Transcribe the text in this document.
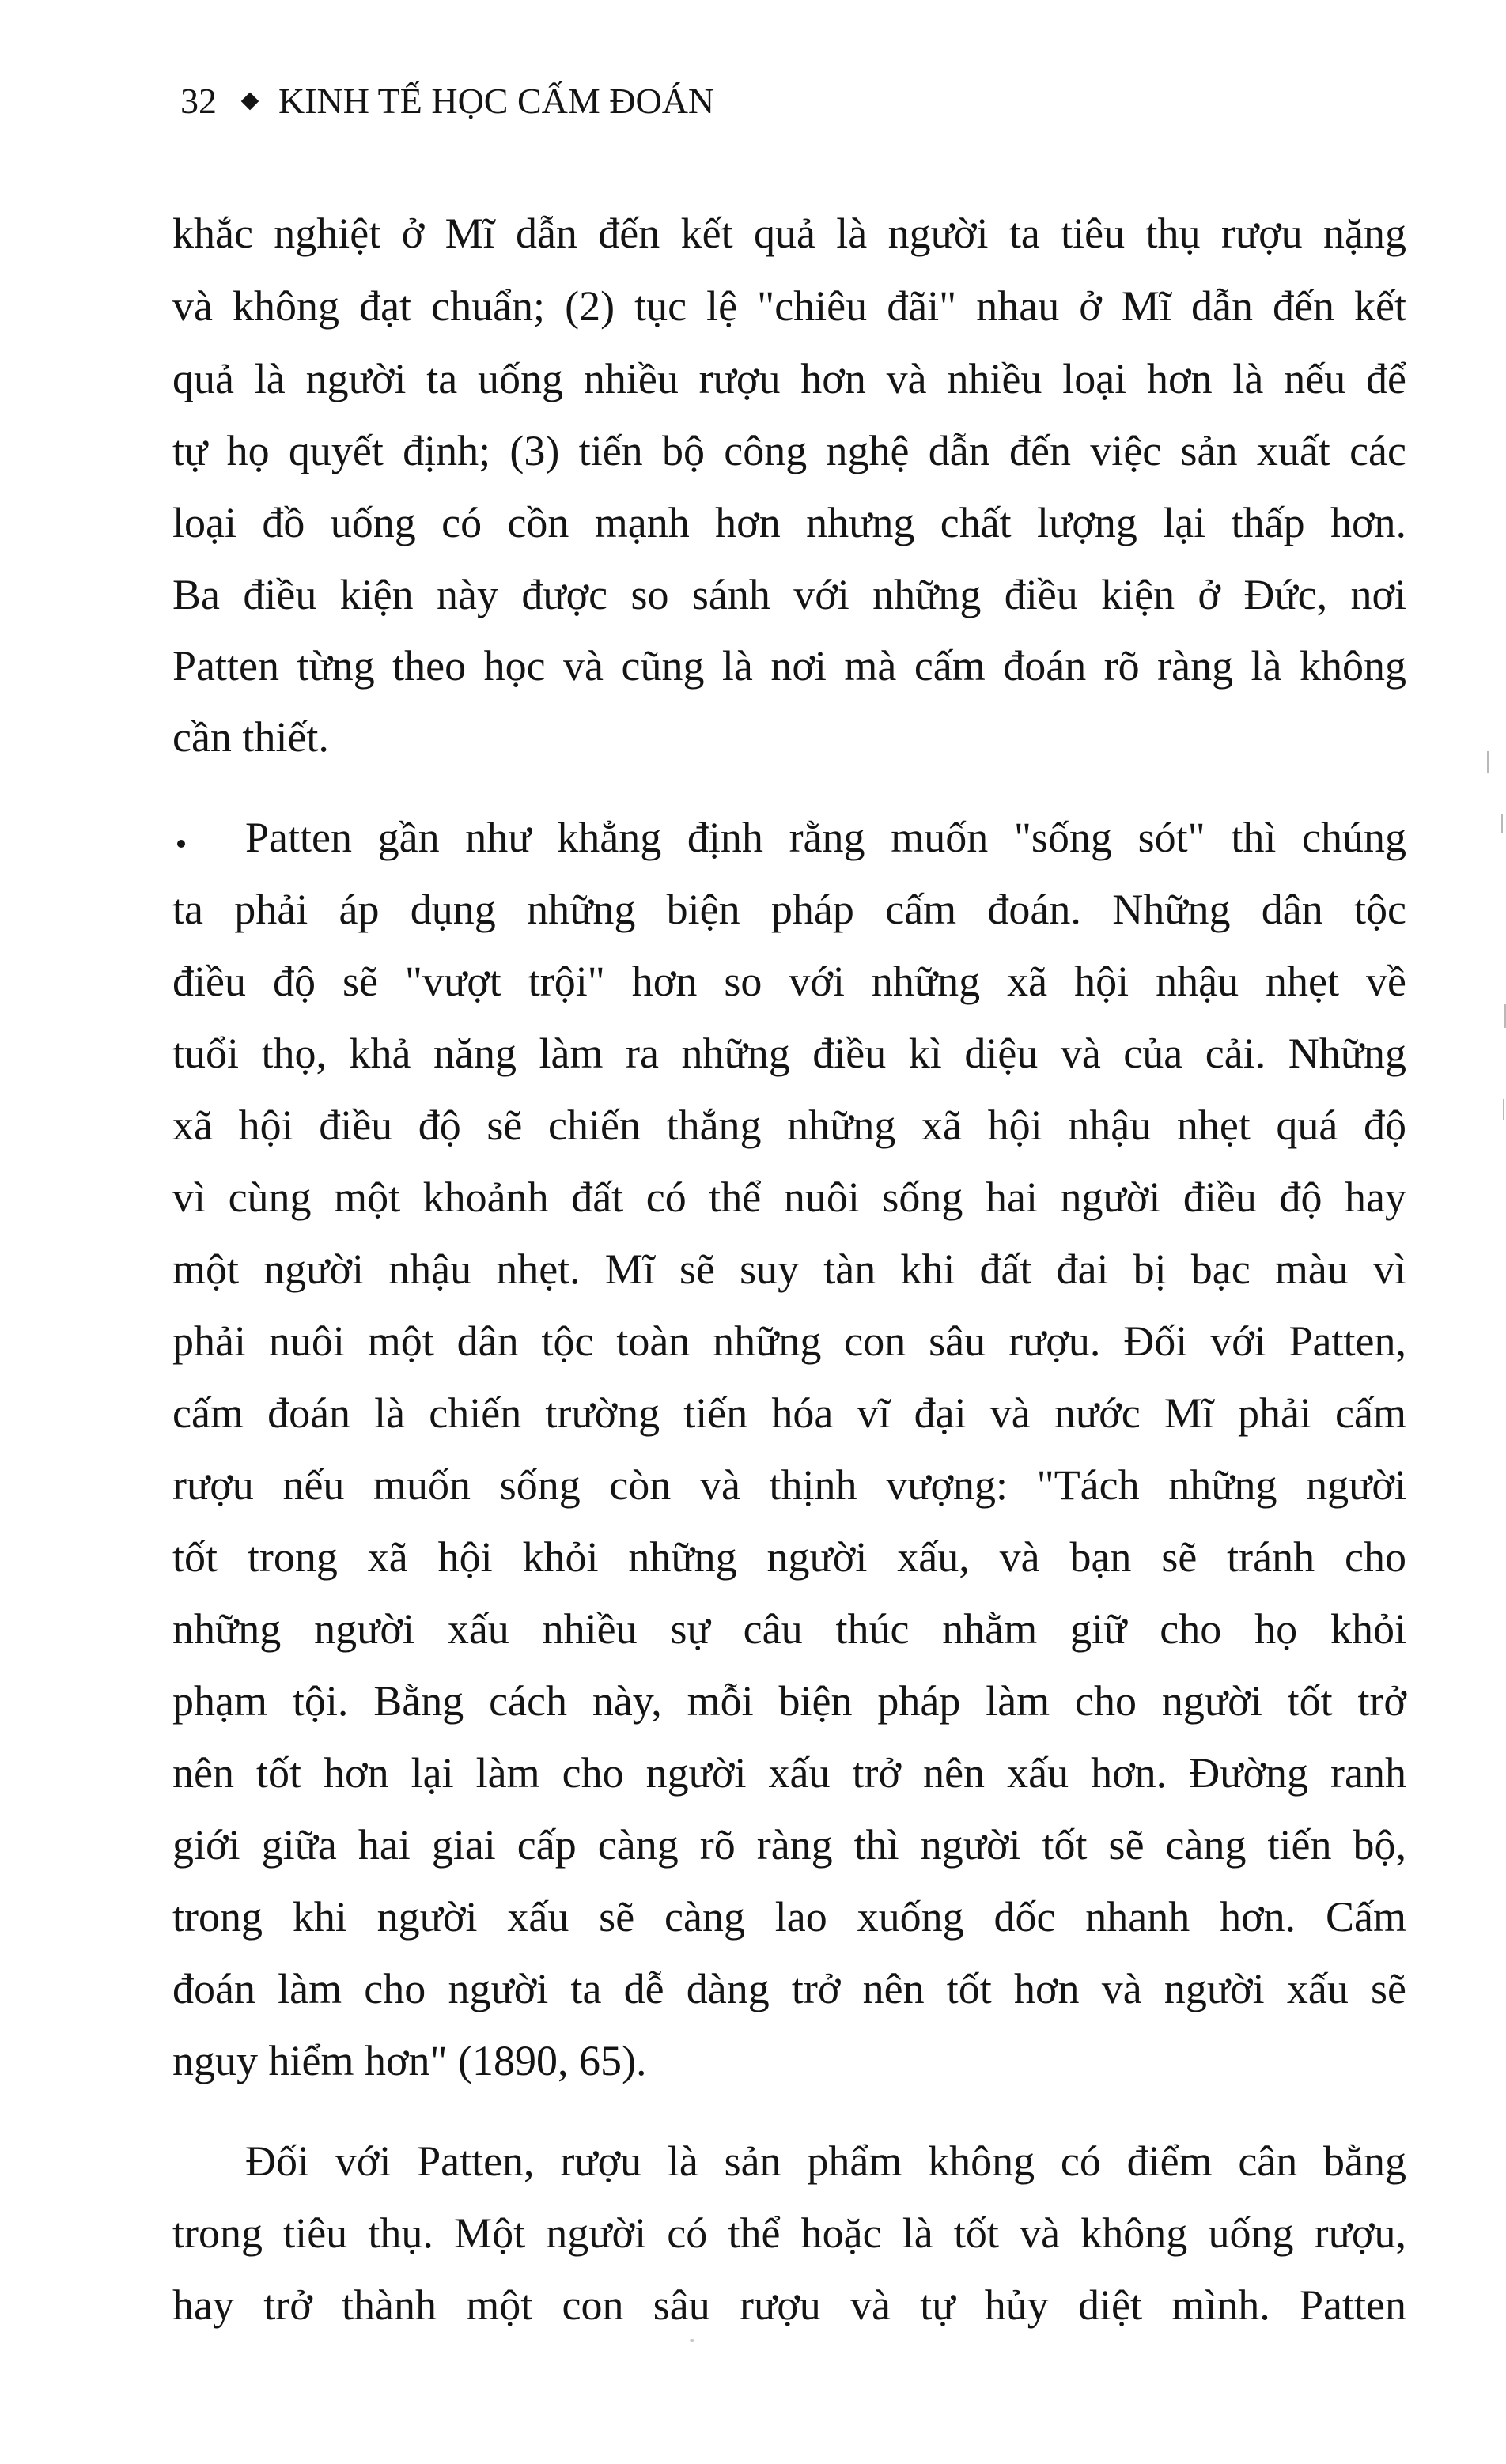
32 KINH TẾ HỌC CẤM ĐOÁN
khắc nghiệt ở Mĩ dẫn đến kết quả là người ta tiêu thụ rượu nặng
và không đạt chuẩn; (2) tục lệ "chiêu đãi" nhau ở Mĩ dẫn đến kết
quả là người ta uống nhiều rượu hơn và nhiều loại hơn là nếu để
tự họ quyết định; (3) tiến bộ công nghệ dẫn đến việc sản xuất các
loại đồ uống có cồn mạnh hơn nhưng chất lượng lại thấp hơn.
Ba điều kiện này được so sánh với những điều kiện ở Đức, nơi
Patten từng theo học và cũng là nơi mà cấm đoán rõ ràng là không
cần thiết.
Patten gần như khẳng định rằng muốn "sống sót" thì chúng
ta phải áp dụng những biện pháp cấm đoán. Những dân tộc
điều độ sẽ "vượt trội" hơn so với những xã hội nhậu nhẹt về
tuổi thọ, khả năng làm ra những điều kì diệu và của cải. Những
xã hội điều độ sẽ chiến thắng những xã hội nhậu nhẹt quá độ
vì cùng một khoảnh đất có thể nuôi sống hai người điều độ hay
một người nhậu nhẹt. Mĩ sẽ suy tàn khi đất đai bị bạc màu vì
phải nuôi một dân tộc toàn những con sâu rượu. Đối với Patten,
cấm đoán là chiến trường tiến hóa vĩ đại và nước Mĩ phải cấm
rượu nếu muốn sống còn và thịnh vượng: "Tách những người
tốt trong xã hội khỏi những người xấu, và bạn sẽ tránh cho
những người xấu nhiều sự câu thúc nhằm giữ cho họ khỏi
phạm tội. Bằng cách này, mỗi biện pháp làm cho người tốt trở
nên tốt hơn lại làm cho người xấu trở nên xấu hơn. Đường ranh
giới giữa hai giai cấp càng rõ ràng thì người tốt sẽ càng tiến bộ,
trong khi người xấu sẽ càng lao xuống dốc nhanh hơn. Cấm
đoán làm cho người ta dễ dàng trở nên tốt hơn và người xấu sẽ
nguy hiểm hơn" (1890, 65).
Đối với Patten, rượu là sản phẩm không có điểm cân bằng
trong tiêu thụ. Một người có thể hoặc là tốt và không uống rượu,
hay trở thành một con sâu rượu và tự hủy diệt mình. Patten
